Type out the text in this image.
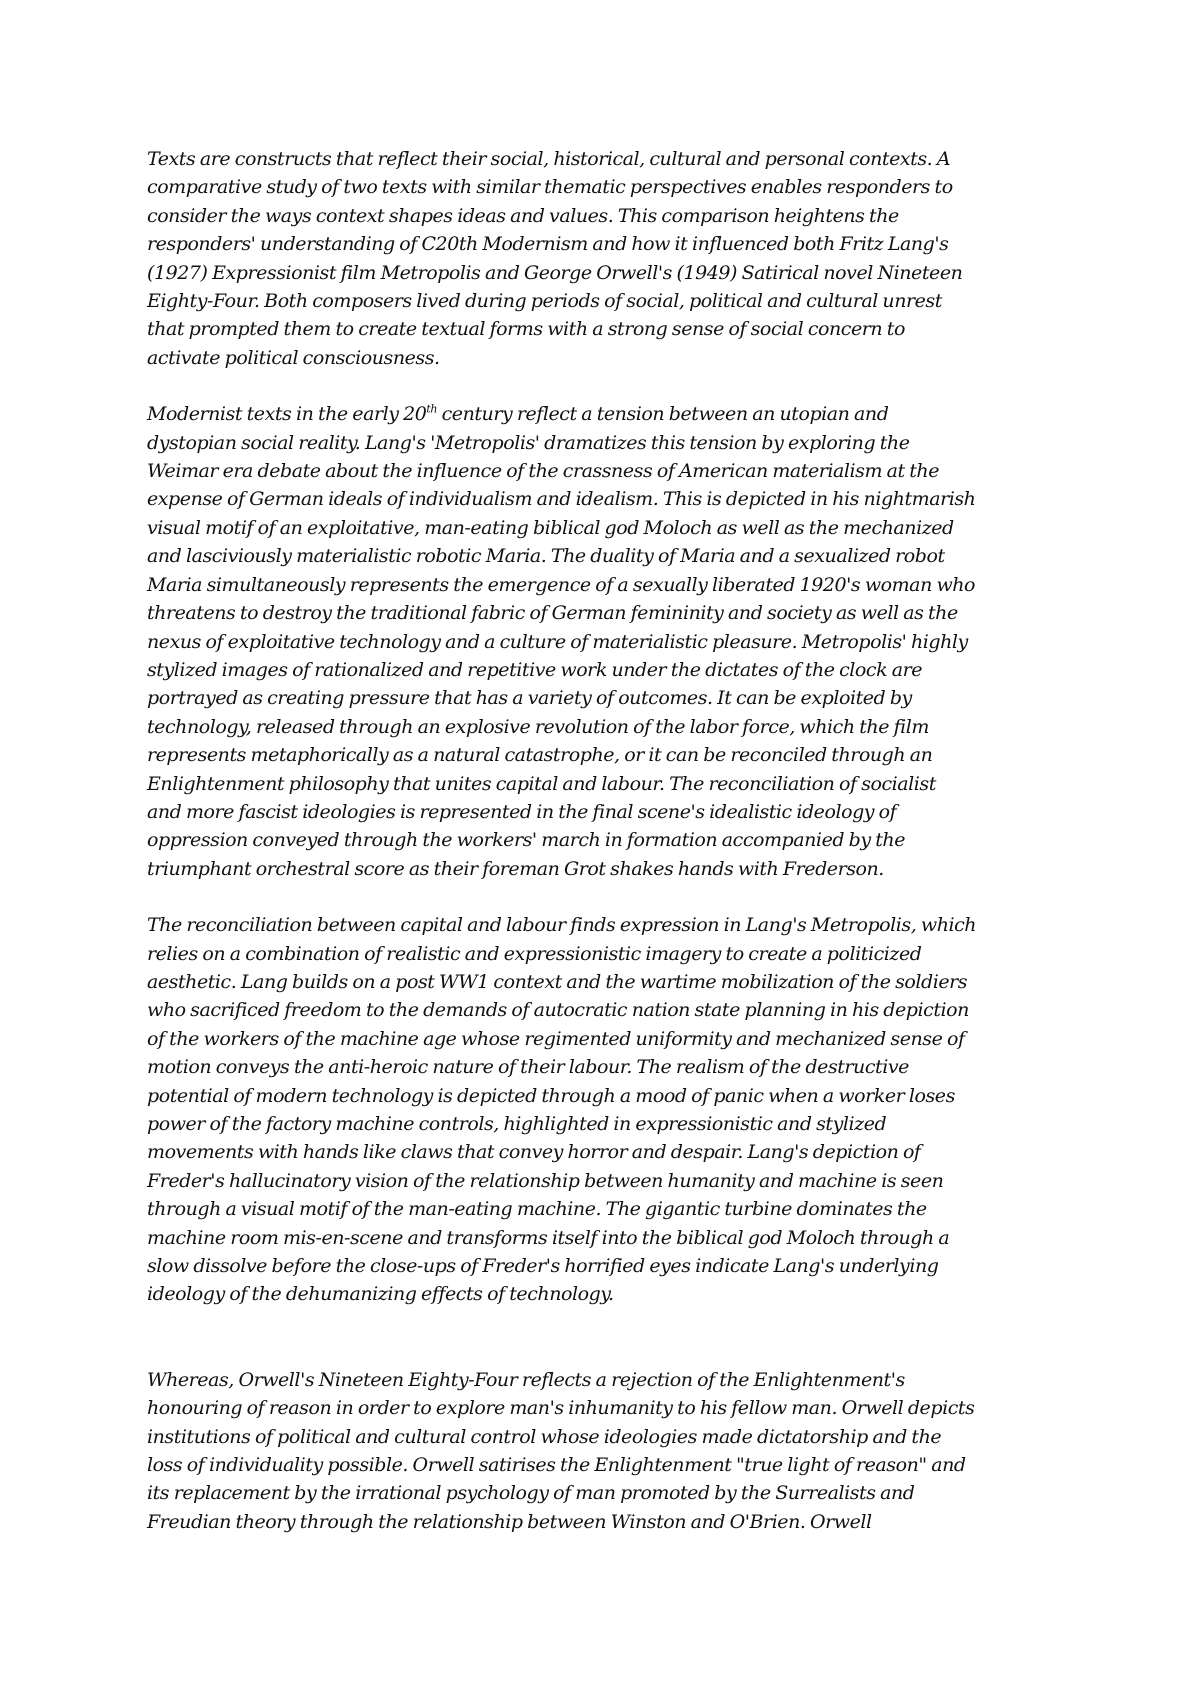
Texts are constructs that reflect their social, historical, cultural and personal contexts. A
comparative study of two texts with similar thematic perspectives enables responders to
consider the ways context shapes ideas and values. This comparison heightens the
responders' understanding of C20th Modernism and how it influenced both Fritz Lang's
(1927) Expressionist film Metropolis and George Orwell's (1949) Satirical novel Nineteen
Eighty-Four. Both composers lived during periods of social, political and cultural unrest
that prompted them to create textual forms with a strong sense of social concern to
activate political consciousness.

Modernist texts in the early 20th century reflect a tension between an utopian and
dystopian social reality. Lang's 'Metropolis' dramatizes this tension by exploring the
Weimar era debate about the influence of the crassness of American materialism at the
expense of German ideals of individualism and idealism. This is depicted in his nightmarish
visual motif of an exploitative, man-eating biblical god Moloch as well as the mechanized
and lasciviously materialistic robotic Maria. The duality of Maria and a sexualized robot
Maria simultaneously represents the emergence of a sexually liberated 1920's woman who
threatens to destroy the traditional fabric of German femininity and society as well as the
nexus of exploitative technology and a culture of materialistic pleasure. Metropolis' highly
stylized images of rationalized and repetitive work under the dictates of the clock are
portrayed as creating pressure that has a variety of outcomes. It can be exploited by
technology, released through an explosive revolution of the labor force, which the film
represents metaphorically as a natural catastrophe, or it can be reconciled through an
Enlightenment philosophy that unites capital and labour. The reconciliation of socialist
and more fascist ideologies is represented in the final scene's idealistic ideology of
oppression conveyed through the workers' march in formation accompanied by the
triumphant orchestral score as their foreman Grot shakes hands with Frederson.

The reconciliation between capital and labour finds expression in Lang's Metropolis, which
relies on a combination of realistic and expressionistic imagery to create a politicized
aesthetic. Lang builds on a post WW1 context and the wartime mobilization of the soldiers
who sacrificed freedom to the demands of autocratic nation state planning in his depiction
of the workers of the machine age whose regimented uniformity and mechanized sense of
motion conveys the anti-heroic nature of their labour. The realism of the destructive
potential of modern technology is depicted through a mood of panic when a worker loses
power of the factory machine controls, highlighted in expressionistic and stylized
movements with hands like claws that convey horror and despair. Lang's depiction of
Freder's hallucinatory vision of the relationship between humanity and machine is seen
through a visual motif of the man-eating machine. The gigantic turbine dominates the
machine room mis-en-scene and transforms itself into the biblical god Moloch through a
slow dissolve before the close-ups of Freder's horrified eyes indicate Lang's underlying
ideology of the dehumanizing effects of technology.

Whereas, Orwell's Nineteen Eighty-Four reflects a rejection of the Enlightenment's
honouring of reason in order to explore man's inhumanity to his fellow man. Orwell depicts
institutions of political and cultural control whose ideologies made dictatorship and the
loss of individuality possible. Orwell satirises the Enlightenment "true light of reason" and
its replacement by the irrational psychology of man promoted by the Surrealists and
Freudian theory through the relationship between Winston and O'Brien. Orwell
